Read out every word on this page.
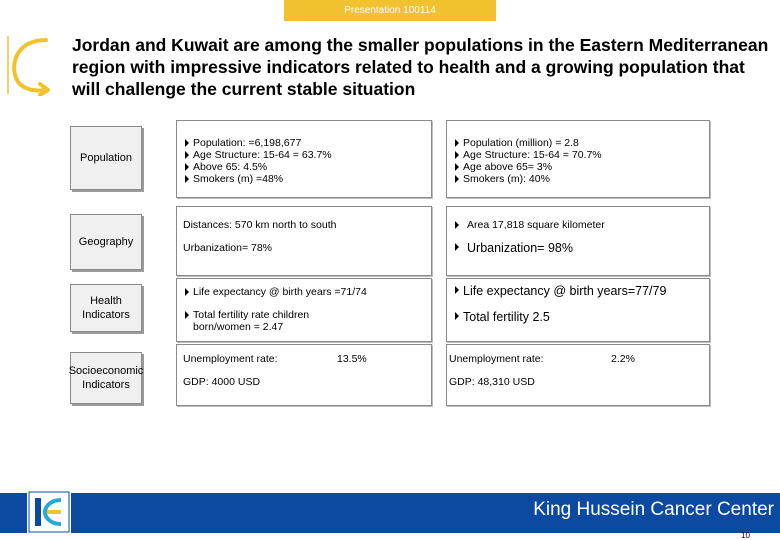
Presentation 100114
Jordan and Kuwait are among the smaller populations in the Eastern Mediterranean region with impressive indicators related to health and a growing population that will challenge the current stable situation
Population
Population: =6,198,677
Age Structure: 15-64 = 63.7%
Above 65: 4.5%
Smokers (m) =48%
Population (million) = 2.8
Age Structure: 15-64 = 70.7%
Age above 65= 3%
Smokers (m): 40%
Geography
Distances: 570 km north to south
Urbanization= 78%
Area 17,818 square kilometer
Urbanization= 98%
Health Indicators
Life expectancy @ birth years =71/74
Total fertility rate children
born/women = 2.47
Life expectancy @ birth years=77/79
Total fertility 2.5
Socioeconomic Indicators
Unemployment rate:	13.5%
GDP: 4000 USD
Unemployment rate:	2.2%
GDP: 48,310 USD
King Hussein Cancer Center
10
